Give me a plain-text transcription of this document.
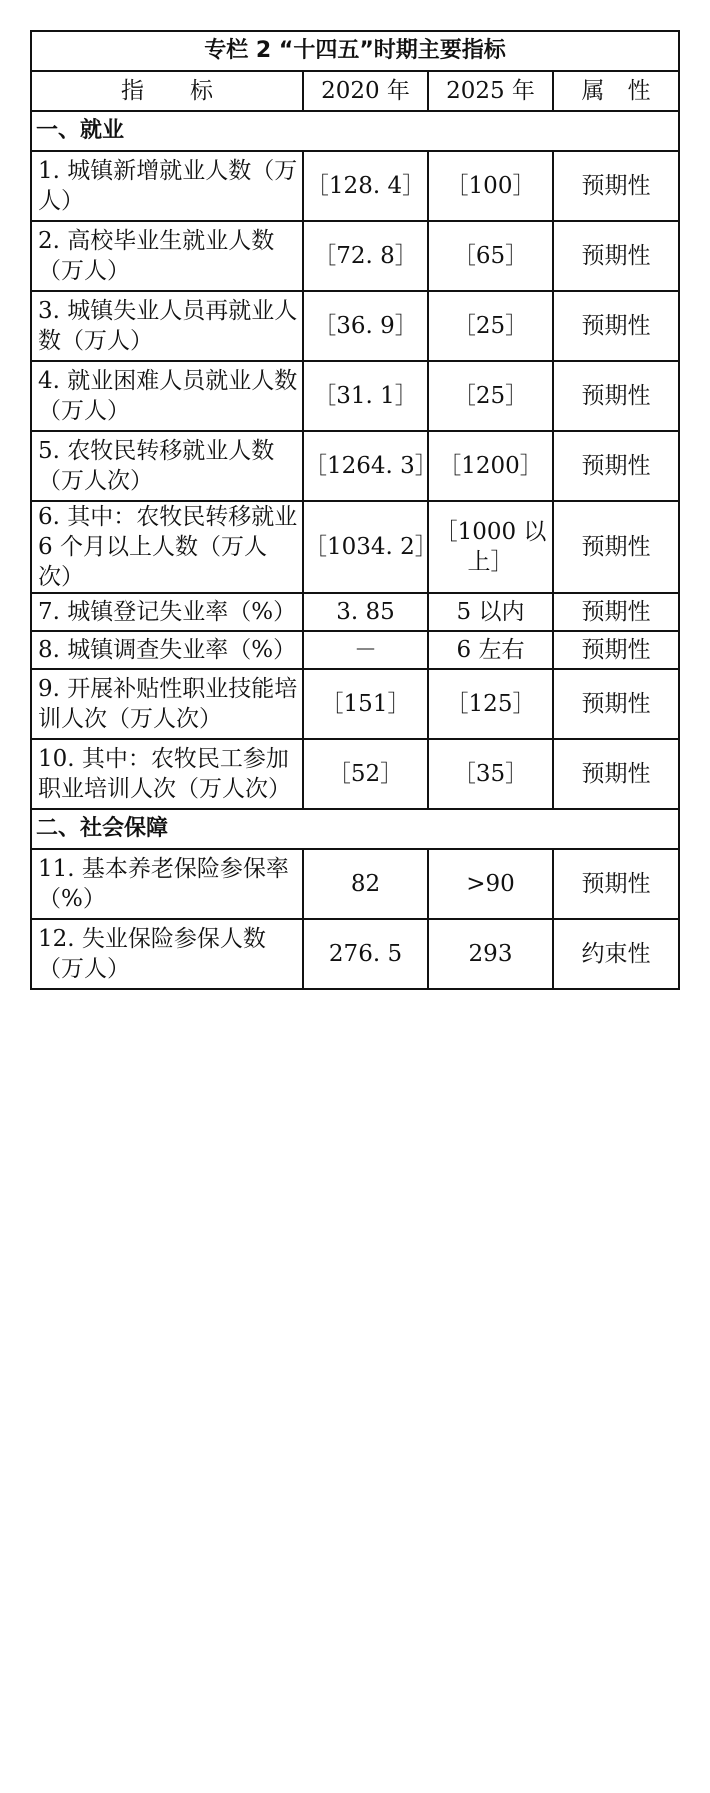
专栏 2 “十四五”时期主要指标			
指　　标	2020 年	2025 年	属　性
一、就业			
1. 城镇新增就业人数（万人）	［128. 4］	［100］	预期性
2. 高校毕业生就业人数（万人）	［72. 8］	［65］	预期性
3. 城镇失业人员再就业人数（万人）	［36. 9］	［25］	预期性
4. 就业困难人员就业人数（万人）	［31. 1］	［25］	预期性
5. 农牧民转移就业人数（万人次）	［1264. 3］	［1200］	预期性
6. 其中：农牧民转移就业6 个月以上人数（万人次）	［1034. 2］	［1000 以上］	预期性
7. 城镇登记失业率（%）	3. 85	5 以内	预期性
8. 城镇调查失业率（%）	－	6 左右	预期性
9. 开展补贴性职业技能培训人次（万人次）	［151］	［125］	预期性
10. 其中：农牧民工参加职业培训人次（万人次）	［52］	［35］	预期性
二、社会保障			
11. 基本养老保险参保率（%）	82	>90	预期性
12. 失业保险参保人数（万人）	276. 5	293	约束性
